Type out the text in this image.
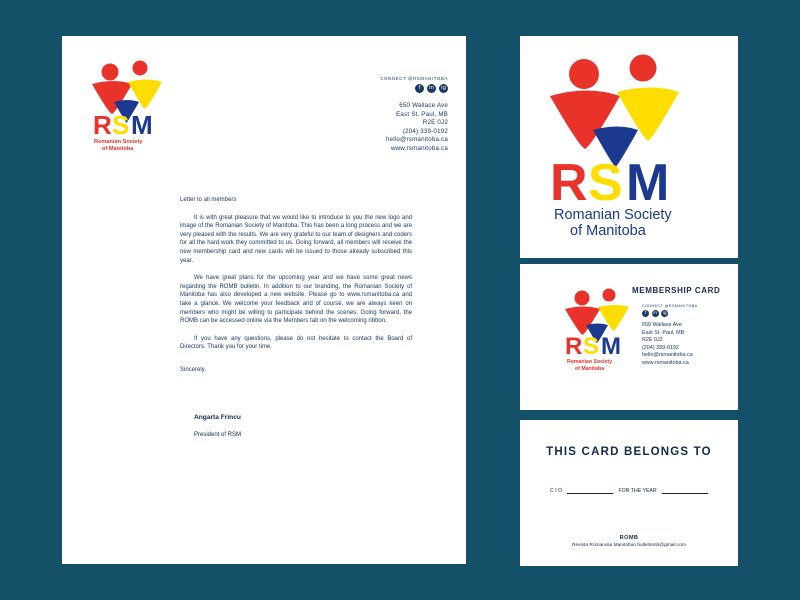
R S M
Romanian Society
of Manitoba
CONNECT @RSMANITOBA
f	in	ig
650 Wallace Ave
East St. Paul, MB
R2E 0J2
(204) 339-0192
hello@rsmanitoba.ca
www.rsmanitoba.ca

Letter to all members

It is with great pleasure that we would like to introduce to you the new logo and image of the Romanian Society of Manitoba. This has been a long process and we are very pleased with the results. We are very grateful to our team of designers and coders for all the hard work they committed to us. Going forward, all members will receive the new membership card and new cards will be issued to those already subscribed this year.

We have great plans for the upcoming year and we have some great news regarding the ROMB bulletin. In addition to our branding, the Romanian Society of Manitoba has also developed a new website. Please go to www.rsmanitoba.ca and take a glance. We welcome your feedback and of course, we are always keen on members who might be willing to participate behind the scenes. Going forward, the ROMB can be accessed online via the Members tab on the welcoming ribbon.

If you have any questions, please do not hesitate to contact the Board of Directors. Thank you for your time.

Sincerely,

Angarta Frincu

President of RSM

R S M
Romanian Society
of Manitoba
R S M
Romanian Society
of Manitoba
MEMBERSHIP CARD
CONNECT @RSMANITOBA
f	in	ig
650 Wallace Ave
East St. Paul, MB
R2E 0J2
(204) 339-0192
hello@rsmanitoba.ca
www.rsmanitoba.ca
THIS CARD BELONGS TO
C I O	FOR THE YEAR
ROMB
Revista Romanului Manitoban bulletinmb@gmail.com
